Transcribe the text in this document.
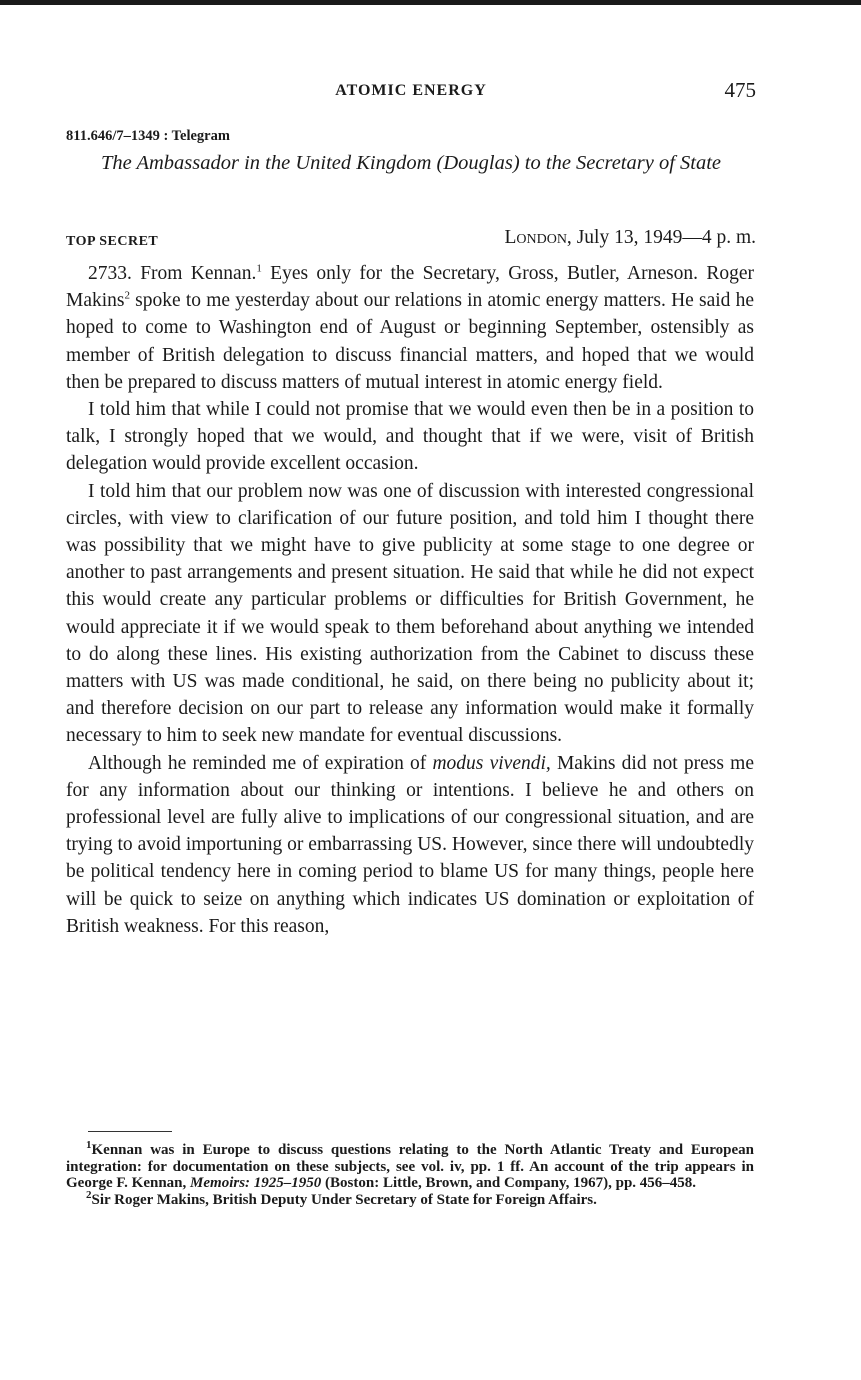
ATOMIC ENERGY	475
811.646/7–1349 : Telegram
The Ambassador in the United Kingdom (Douglas) to the Secretary of State
TOP SECRET	London, July 13, 1949—4 p. m.

2733. From Kennan.$^1$ Eyes only for the Secretary, Gross, Butler, Arneson. Roger Makins$^2$ spoke to me yesterday about our relations in atomic energy matters. He said he hoped to come to Washington end of August or beginning September, ostensibly as member of British delegation to discuss financial matters, and hoped that we would then be prepared to discuss matters of mutual interest in atomic energy field.

I told him that while I could not promise that we would even then be in a position to talk, I strongly hoped that we would, and thought that if we were, visit of British delegation would provide excellent occasion.

I told him that our problem now was one of discussion with interested congressional circles, with view to clarification of our future position, and told him I thought there was possibility that we might have to give publicity at some stage to one degree or another to past arrangements and present situation. He said that while he did not expect this would create any particular problems or difficulties for British Government, he would appreciate it if we would speak to them beforehand about anything we intended to do along these lines. His existing authorization from the Cabinet to discuss these matters with US was made conditional, he said, on there being no publicity about it; and therefore decision on our part to release any information would make it formally necessary to him to seek new mandate for eventual discussions.

Although he reminded me of expiration of modus vivendi, Makins did not press me for any information about our thinking or intentions. I believe he and others on professional level are fully alive to implications of our congressional situation, and are trying to avoid importuning or embarrassing US. However, since there will undoubtedly be political tendency here in coming period to blame US for many things, people here will be quick to seize on anything which indicates US domination or exploitation of British weakness. For this reason,

$^1$Kennan was in Europe to discuss questions relating to the North Atlantic Treaty and European integration: for documentation on these subjects, see vol. iv, pp. 1 ff. An account of the trip appears in George F. Kennan, Memoirs: 1925–1950 (Boston: Little, Brown, and Company, 1967), pp. 456–458.

$^2$Sir Roger Makins, British Deputy Under Secretary of State for Foreign Affairs.
